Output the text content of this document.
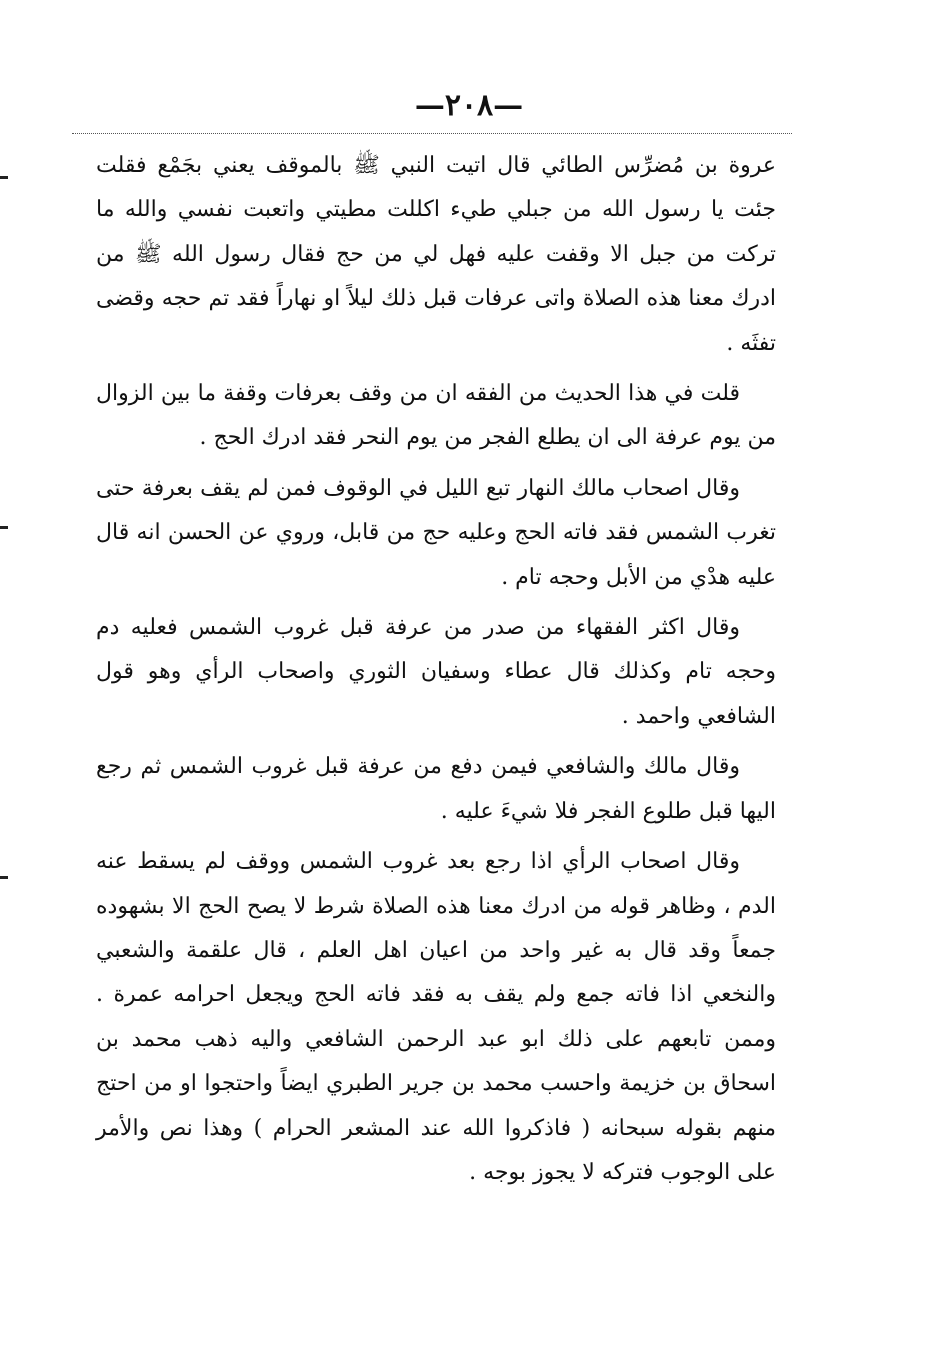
—٢٠٨—

عروة بن مُضرِّس الطائي قال اتيت النبي ﷺ بالموقف يعني بجَمْع فقلت جئت يا رسول الله من جبلي طيء اكللت مطيتي واتعبت نفسي والله ما تركت من جبل الا وقفت عليه فهل لي من حج فقال رسول الله ﷺ من ادرك معنا هذه الصلاة واتى عرفات قبل ذلك ليلاً او نهاراً فقد تم حجه وقضى تفثَه .

قلت في هذا الحديث من الفقه ان من وقف بعرفات وقفة ما بين الزوال من يوم عرفة الى ان يطلع الفجر من يوم النحر فقد ادرك الحج .

وقال اصحاب مالك النهار تبع الليل في الوقوف فمن لم يقف بعرفة حتى تغرب الشمس فقد فاته الحج وعليه حج من قابل، وروي عن الحسن انه قال عليه هدْي من الأبل وحجه تام .

وقال اكثر الفقهاء من صدر من عرفة قبل غروب الشمس فعليه دم وحجه تام وكذلك قال عطاء وسفيان الثوري واصحاب الرأي وهو قول الشافعي واحمد .

وقال مالك والشافعي فيمن دفع من عرفة قبل غروب الشمس ثم رجع اليها قبل طلوع الفجر فلا شيءَ عليه .

وقال اصحاب الرأي اذا رجع بعد غروب الشمس ووقف لم يسقط عنه الدم ، وظاهر قوله من ادرك معنا هذه الصلاة شرط لا يصح الحج الا بشهوده جمعاً وقد قال به غير واحد من اعيان اهل العلم ، قال علقمة والشعبي والنخعي اذا فاته جمع ولم يقف به فقد فاته الحج ويجعل احرامه عمرة . وممن تابعهم على ذلك ابو عبد الرحمن الشافعي واليه ذهب محمد بن اسحاق بن خزيمة واحسب محمد بن جرير الطبري ايضاً واحتجوا او من احتج منهم بقوله سبحانه ( فاذكروا الله عند المشعر الحرام ) وهذا نص والأمر على الوجوب فتركه لا يجوز بوجه .
